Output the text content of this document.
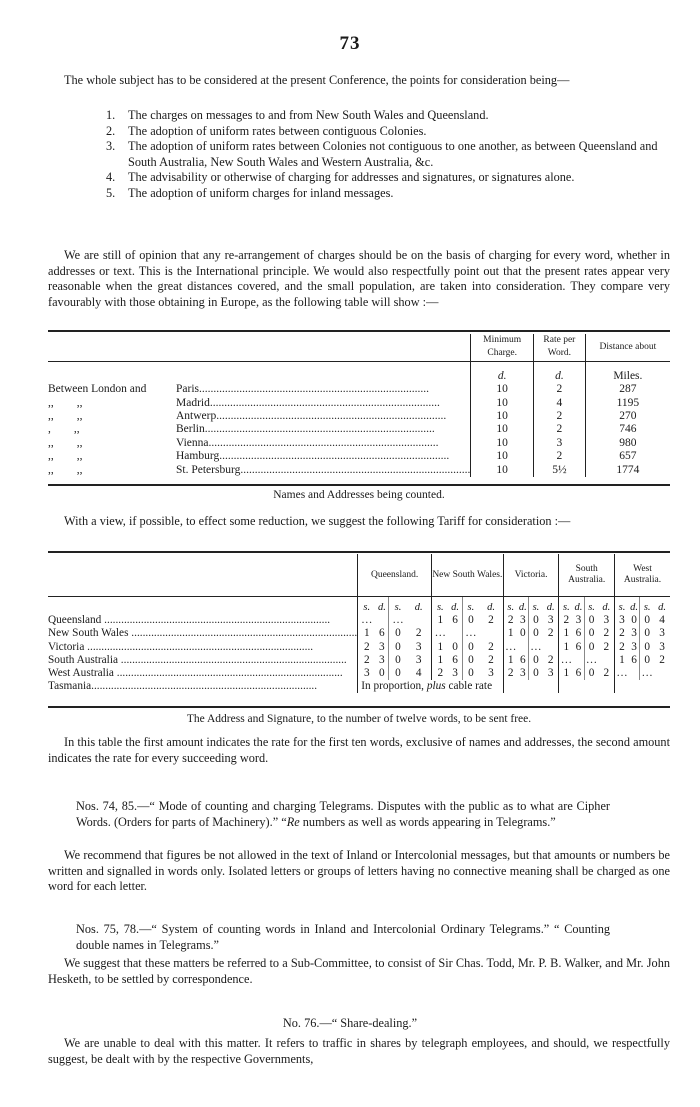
73
The whole subject has to be considered at the present Conference, the points for consideration being—
1. The charges on messages to and from New South Wales and Queensland.
2. The adoption of uniform rates between contiguous Colonies.
3. The adoption of uniform rates between Colonies not contiguous to one another, as between Queensland and South Australia, New South Wales and Western Australia, &c.
4. The advisability or otherwise of charging for addresses and signatures, or signatures alone.
5. The adoption of uniform charges for inland messages.
We are still of opinion that any re-arrangement of charges should be on the basis of charging for every word, whether in addresses or text. This is the International principle. We would also respectfully point out that the present rates appear very reasonable when the great distances covered, and the small population, are taken into consideration. They compare very favourably with those obtaining in Europe, as the following table will show :—
	Minimum Charge.	Rate per Word.	Distance about
	d.	d.	Miles.
Between London and Paris................................................................................	10	2	287
,,        ,, Madrid................................................................................	10	4	1195
,,        ,, Antwerp................................................................................	10	2	270
,        ,, Berlin................................................................................	10	2	746
,,        ,, Vienna................................................................................	10	3	980
,,        ,, Hamburg................................................................................	10	2	657
,,        ,, St. Petersburg................................................................................	10	5½	1774
Names and Addresses being counted.
With a view, if possible, to effect some reduction, we suggest the following Tariff for consideration :—
	Queensland.				New South Wales.				Victoria.				South Australia.				West Australia.			
	s.	d.	s.	d.	s.	d.	s.	d.	s.	d.	s.	d.	s.	d.	s.	d.	s.	d.	s.	d.
Queensland ................................................................................	…		…		1	6	0	2	2	3	0	3	2	3	0	3	3	0	0	4
New South Wales ................................................................................	1	6	0	2	…		…		1	0	0	2	1	6	0	2	2	3	0	3
Victoria ................................................................................	2	3	0	3	1	0	0	2	…		…		1	6	0	2	2	3	0	3
South Australia ................................................................................	2	3	0	3	1	6	0	2	1	6	0	2	…		…		1	6	0	2
West Australia ................................................................................	3	0	0	4	2	3	0	3	2	3	0	3	1	6	0	2	…		…	
Tasmania................................................................................	In proportion, plus cable rate																			
The Address and Signature, to the number of twelve words, to be sent free.
In this table the first amount indicates the rate for the first ten words, exclusive of names and addresses, the second amount indicates the rate for every succeeding word.
Nos. 74, 85.—“ Mode of counting and charging Telegrams. Disputes with the public as to what are Cipher Words. (Orders for parts of Machinery).” “Re numbers as well as words appearing in Telegrams.”
We recommend that figures be not allowed in the text of Inland or Intercolonial messages, but that amounts or numbers be written and signalled in words only. Isolated letters or groups of letters having no connective meaning shall be charged as one word for each letter.
Nos. 75, 78.—“ System of counting words in Inland and Intercolonial Ordinary Telegrams.” “ Counting double names in Telegrams.”
We suggest that these matters be referred to a Sub-Committee, to consist of Sir Chas. Todd, Mr. P. B. Walker, and Mr. John Hesketh, to be settled by correspondence.
No. 76.—“ Share-dealing.”
We are unable to deal with this matter. It refers to traffic in shares by telegraph employees, and should, we respectfully suggest, be dealt with by the respective Governments,
